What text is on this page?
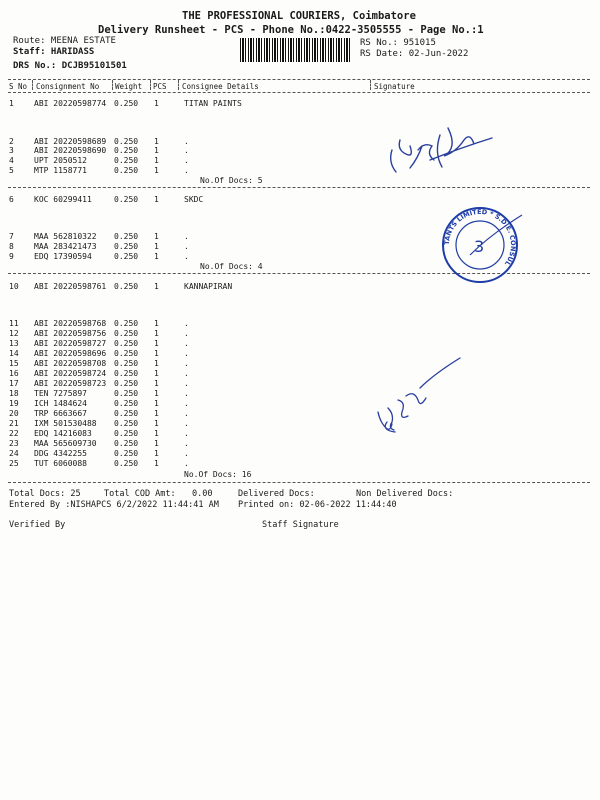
THE PROFESSIONAL COURIERS, Coimbatore
Delivery Runsheet - PCS - Phone No.:0422-3505555 - Page No.:1
Route: MEENA ESTATE
Staff: HARIDASS
DRS No.: DCJB95101501
RS No.: 951015
RS Date: 02-Jun-2022
S No Consignment No Weight PCS Consignee Details	Signature
1	ABI 20220598774 0.250 1	TITAN PAINTS
2	ABI 20220598689 0.250 1	.
3	ABI 20220598690 0.250 1	.
4	UPT 2050512	0.250 1	.
5	MTP 1158771	0.250 1	.
No.Of Docs: 5
6	KOC 60299411	0.250 1	SKDC
7	MAA 562810322 0.250 1	.
8	MAA 283421473 0.250 1	.
9	EDQ 17390594	0.250 1	.
No.Of Docs: 4
10 ABI 20220598761 0.250 1	KANNAPIRAN
11 ABI 20220598768 0.250 1	.
12 ABI 20220598756 0.250 1	.
13 ABI 20220598727 0.250 1	.
14 ABI 20220598696 0.250 1	.
15 ABI 20220598708 0.250 1	.
16 ABI 20220598724 0.250 1	.
17 ABI 20220598723 0.250 1	.
18 TEN 7275897	0.250 1	.
19 ICH 1484624	0.250 1	.
20 TRP 6663667	0.250 1	.
21 IXM 501530488 0.250 1	.
22 EDQ 14216083	0.250 1	.
23 MAA 565609730 0.250 1	.
24 DDG 4342255	0.250 1	.
25 TUT 6060088	0.250 1	.
No.Of Docs: 16
TANTS LIMITED * S.D.E. CONSUL
3
Total Docs: 25	Total COD Amt: 0.00	Delivered Docs:	Non Delivered Docs:
Entered By :NISHAPCS 6/2/2022 11:44:41 AM Printed on: 02-06-2022 11:44:40
Verified By	Staff Signature
